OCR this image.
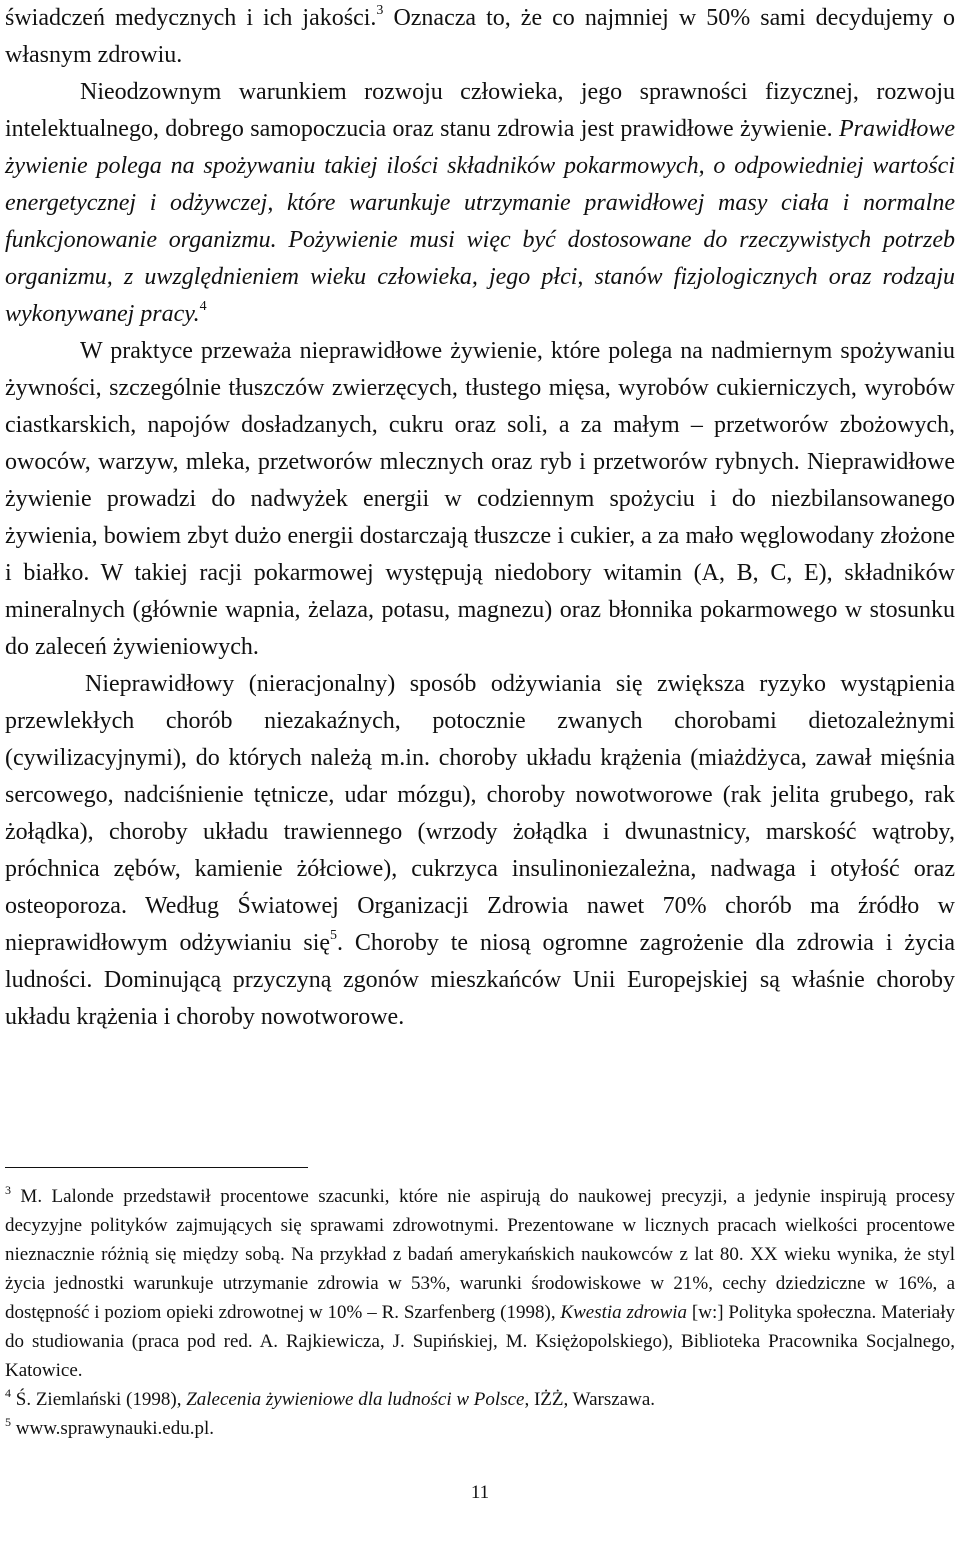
świadczeń medycznych i ich jakości.$^3$ Oznacza to, że co najmniej w 50% sami decydujemy o własnym zdrowiu.

Nieodzownym warunkiem rozwoju człowieka, jego sprawności fizycznej, rozwoju intelektualnego, dobrego samopoczucia oraz stanu zdrowia jest prawidłowe żywienie. Prawidłowe żywienie polega na spożywaniu takiej ilości składników pokarmowych, o odpowiedniej wartości energetycznej i odżywczej, które warunkuje utrzymanie prawidłowej masy ciała i normalne funkcjonowanie organizmu. Pożywienie musi więc być dostosowane do rzeczywistych potrzeb organizmu, z uwzględnieniem wieku człowieka, jego płci, stanów fizjologicznych oraz rodzaju wykonywanej pracy.$^4$

W praktyce przeważa nieprawidłowe żywienie, które polega na nadmiernym spożywaniu żywności, szczególnie tłuszczów zwierzęcych, tłustego mięsa, wyrobów cukierniczych, wyrobów ciastkarskich, napojów dosładzanych, cukru oraz soli, a za małym – przetworów zbożowych, owoców, warzyw, mleka, przetworów mlecznych oraz ryb i przetworów rybnych. Nieprawidłowe żywienie prowadzi do nadwyżek energii w codziennym spożyciu i do niezbilansowanego żywienia, bowiem zbyt dużo energii dostarczają tłuszcze i cukier, a za mało węglowodany złożone i białko. W takiej racji pokarmowej występują niedobory witamin (A, B, C, E), składników mineralnych (głównie wapnia, żelaza, potasu, magnezu) oraz błonnika pokarmowego w stosunku do zaleceń żywieniowych.

Nieprawidłowy (nieracjonalny) sposób odżywiania się zwiększa ryzyko wystąpienia przewlekłych chorób niezakaźnych, potocznie zwanych chorobami dietozależnymi (cywilizacyjnymi), do których należą m.in. choroby układu krążenia (miażdżyca, zawał mięśnia sercowego, nadciśnienie tętnicze, udar mózgu), choroby nowotworowe (rak jelita grubego, rak żołądka), choroby układu trawiennego (wrzody żołądka i dwunastnicy, marskość wątroby, próchnica zębów, kamienie żółciowe), cukrzyca insulinoniezależna, nadwaga i otyłość oraz osteoporoza. Według Światowej Organizacji Zdrowia nawet 70% chorób ma źródło w nieprawidłowym odżywianiu się$^5$. Choroby te niosą ogromne zagrożenie dla zdrowia i życia ludności. Dominującą przyczyną zgonów mieszkańców Unii Europejskiej są właśnie choroby układu krążenia i choroby nowotworowe.

$^3$ M. Lalonde przedstawił procentowe szacunki, które nie aspirują do naukowej precyzji, a jedynie inspirują procesy decyzyjne polityków zajmujących się sprawami zdrowotnymi. Prezentowane w licznych pracach wielkości procentowe nieznacznie różnią się między sobą. Na przykład z badań amerykańskich naukowców z lat 80. XX wieku wynika, że styl życia jednostki warunkuje utrzymanie zdrowia w 53%, warunki środowiskowe w 21%, cechy dziedziczne w 16%, a dostępność i poziom opieki zdrowotnej w 10% – R. Szarfenberg (1998), Kwestia zdrowia [w:] Polityka społeczna. Materiały do studiowania (praca pod red. A. Rajkiewicza, J. Supińskiej, M. Księżopolskiego), Biblioteka Pracownika Socjalnego, Katowice.

$^4$ Ś. Ziemlański (1998), Zalecenia żywieniowe dla ludności w Polsce, IŻŻ, Warszawa.

$^5$ www.sprawynauki.edu.pl.

11
